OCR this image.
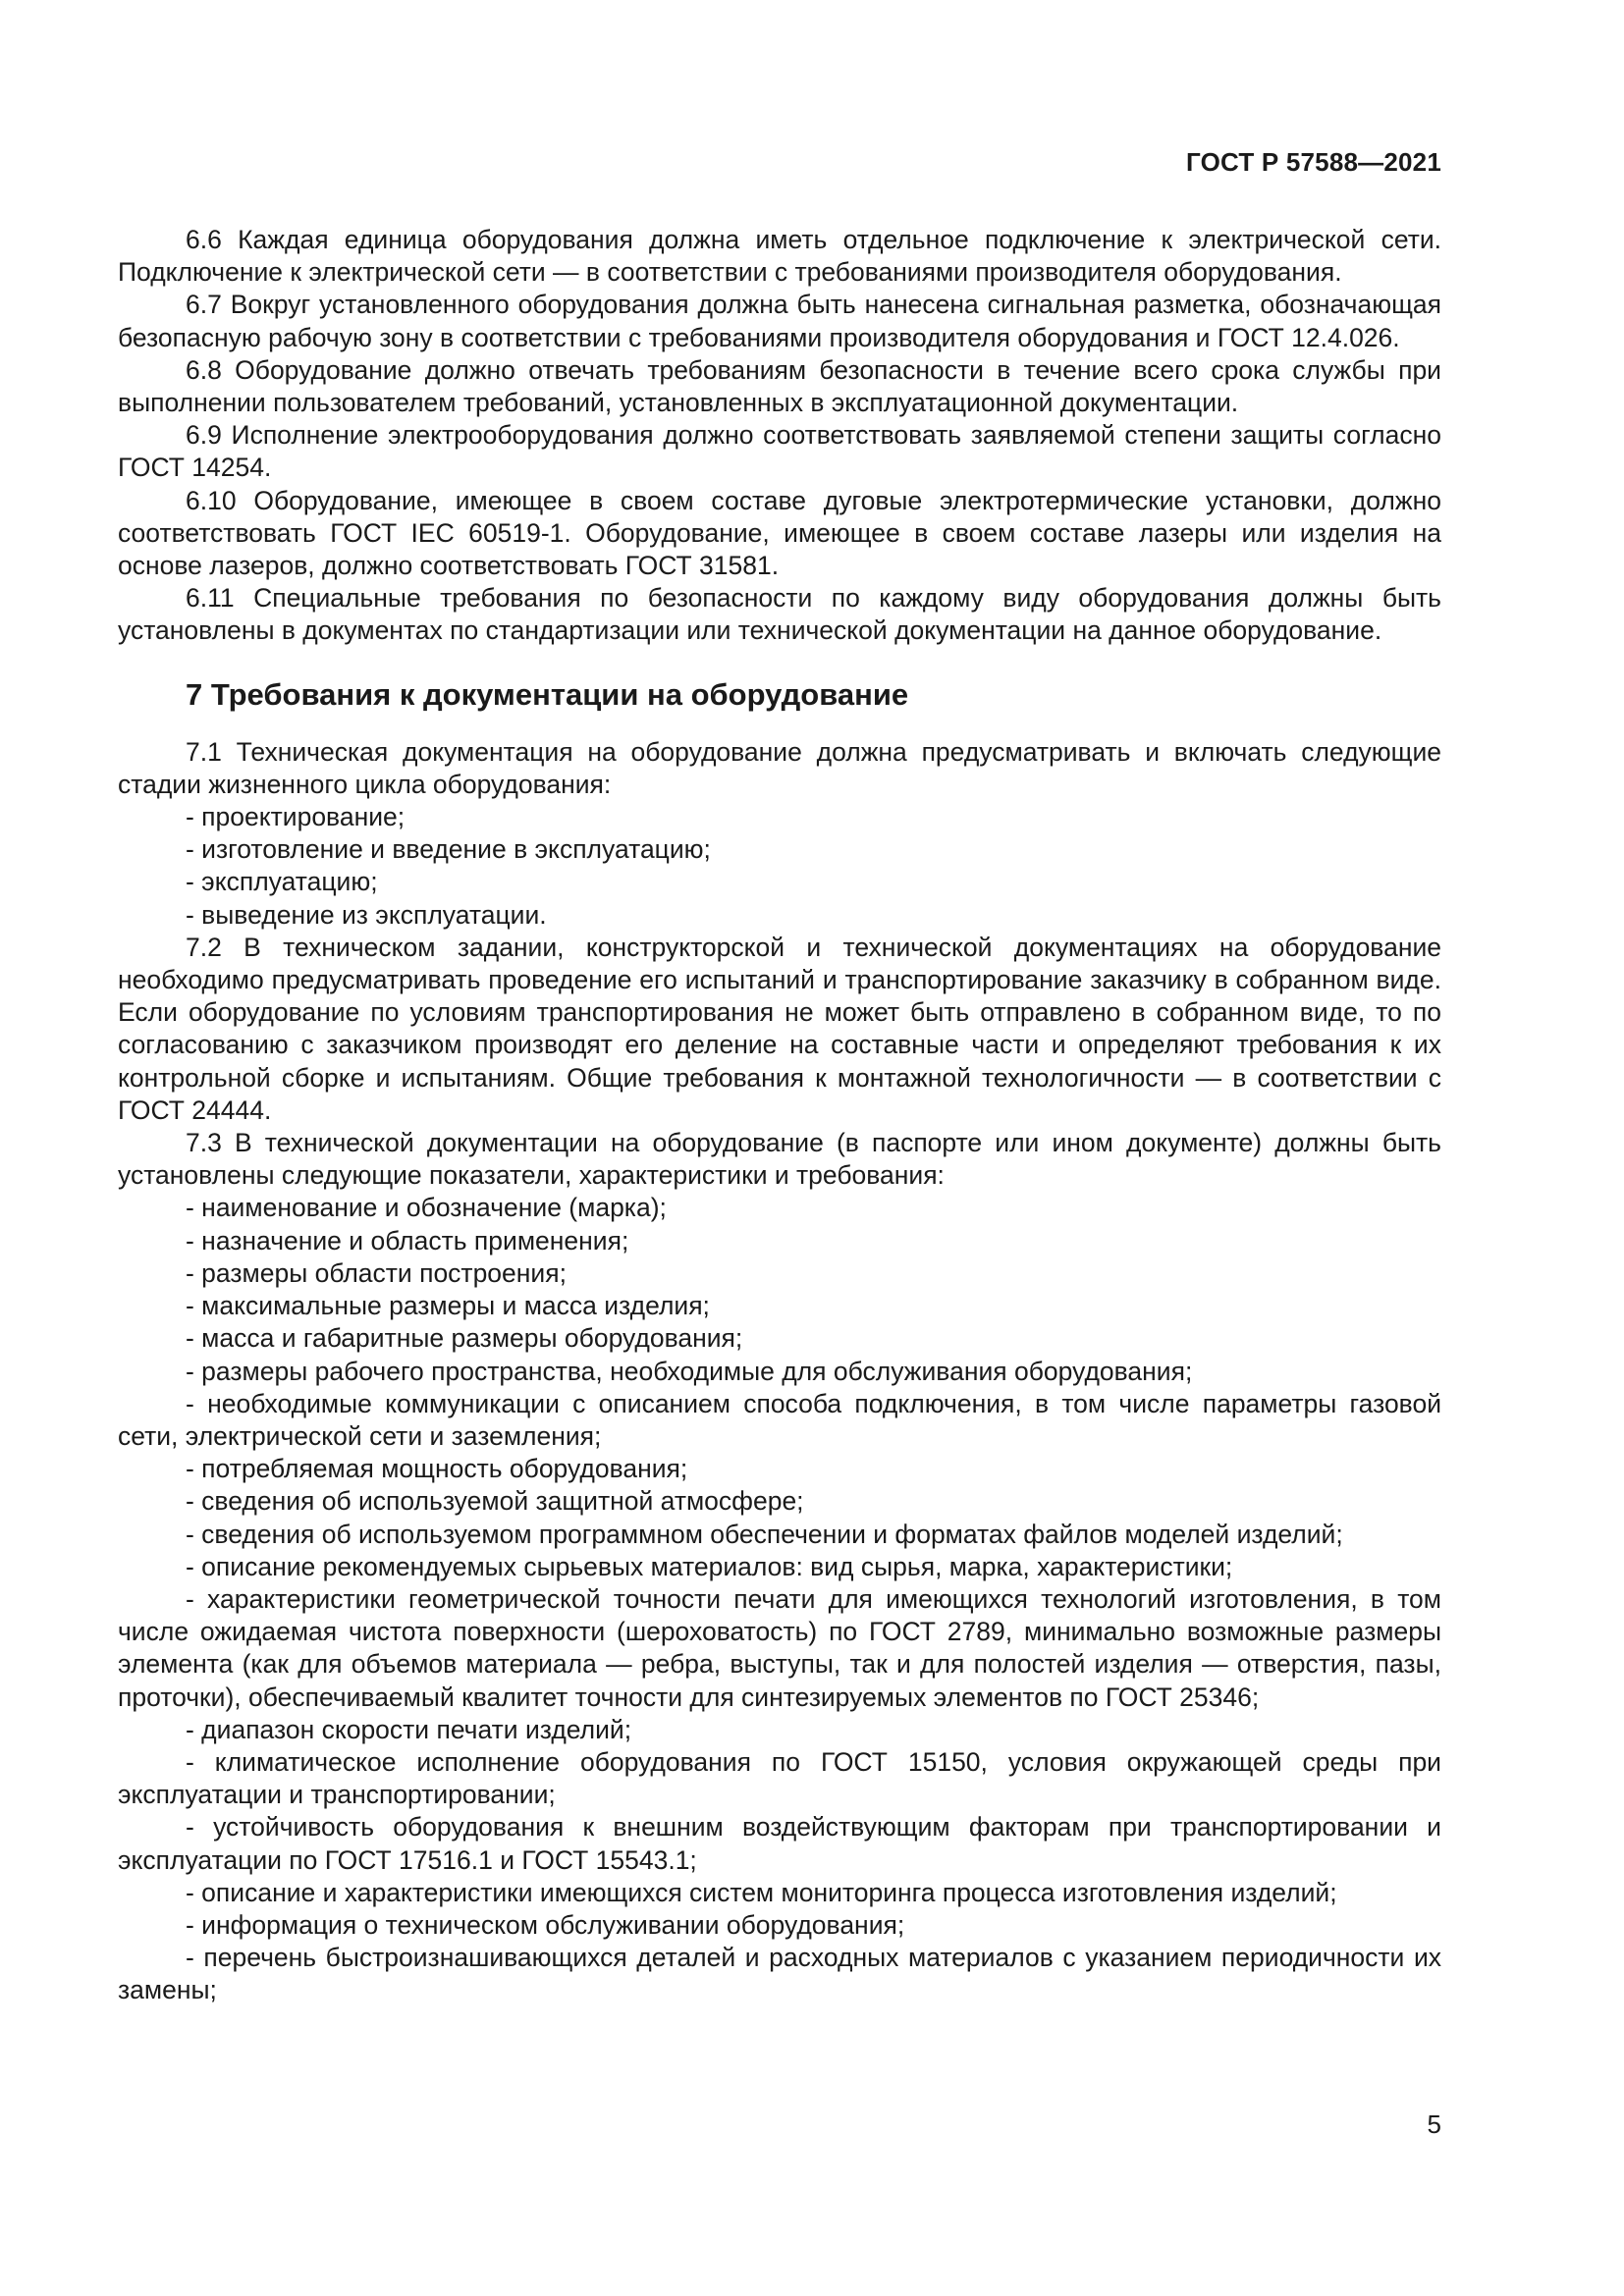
ГОСТ Р 57588—2021

6.6 Каждая единица оборудования должна иметь отдельное подключение к электрической сети. Подключение к электрической сети — в соответствии с требованиями производителя оборудования.

6.7 Вокруг установленного оборудования должна быть нанесена сигнальная разметка, обозначающая безопасную рабочую зону в соответствии с требованиями производителя оборудования и ГОСТ 12.4.026.

6.8 Оборудование должно отвечать требованиям безопасности в течение всего срока службы при выполнении пользователем требований, установленных в эксплуатационной документации.

6.9 Исполнение электрооборудования должно соответствовать заявляемой степени защиты согласно ГОСТ 14254.

6.10 Оборудование, имеющее в своем составе дуговые электротермические установки, должно соответствовать ГОСТ IEC 60519-1. Оборудование, имеющее в своем составе лазеры или изделия на основе лазеров, должно соответствовать ГОСТ 31581.

6.11 Специальные требования по безопасности по каждому виду оборудования должны быть установлены в документах по стандартизации или технической документации на данное оборудование.

7 Требования к документации на оборудование

7.1 Техническая документация на оборудование должна предусматривать и включать следующие стадии жизненного цикла оборудования:

- проектирование;

- изготовление и введение в эксплуатацию;

- эксплуатацию;

- выведение из эксплуатации.

7.2 В техническом задании, конструкторской и технической документациях на оборудование необходимо предусматривать проведение его испытаний и транспортирование заказчику в собранном виде. Если оборудование по условиям транспортирования не может быть отправлено в собранном виде, то по согласованию с заказчиком производят его деление на составные части и определяют требования к их контрольной сборке и испытаниям. Общие требования к монтажной технологичности — в соответствии с ГОСТ 24444.

7.3 В технической документации на оборудование (в паспорте или ином документе) должны быть установлены следующие показатели, характеристики и требования:

- наименование и обозначение (марка);

- назначение и область применения;

- размеры области построения;

- максимальные размеры и масса изделия;

- масса и габаритные размеры оборудования;

- размеры рабочего пространства, необходимые для обслуживания оборудования;

- необходимые коммуникации с описанием способа подключения, в том числе параметры газовой сети, электрической сети и заземления;

- потребляемая мощность оборудования;

- сведения об используемой защитной атмосфере;

- сведения об используемом программном обеспечении и форматах файлов моделей изделий;

- описание рекомендуемых сырьевых материалов: вид сырья, марка, характеристики;

- характеристики геометрической точности печати для имеющихся технологий изготовления, в том числе ожидаемая чистота поверхности (шероховатость) по ГОСТ 2789, минимально возможные размеры элемента (как для объемов материала — ребра, выступы, так и для полостей изделия — отверстия, пазы, проточки), обеспечиваемый квалитет точности для синтезируемых элементов по ГОСТ 25346;

- диапазон скорости печати изделий;

- климатическое исполнение оборудования по ГОСТ 15150, условия окружающей среды при эксплуатации и транспортировании;

- устойчивость оборудования к внешним воздействующим факторам при транспортировании и эксплуатации по ГОСТ 17516.1 и ГОСТ 15543.1;

- описание и характеристики имеющихся систем мониторинга процесса изготовления изделий;

- информация о техническом обслуживании оборудования;

- перечень быстроизнашивающихся деталей и расходных материалов с указанием периодичности их замены;

5
